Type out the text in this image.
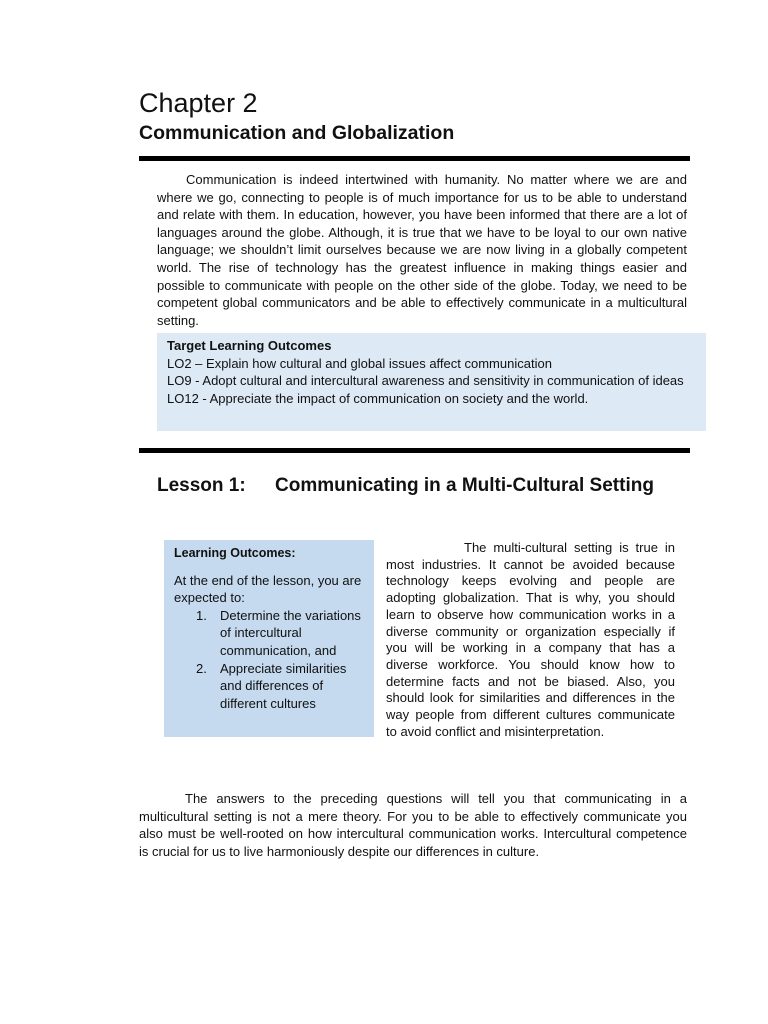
Chapter 2
Communication and Globalization

Communication is indeed intertwined with humanity. No matter where we are and where we go, connecting to people is of much importance for us to be able to understand and relate with them. In education, however, you have been informed that there are a lot of languages around the globe. Although, it is true that we have to be loyal to our own native language; we shouldn’t limit ourselves because we are now living in a globally competent world. The rise of technology has the greatest influence in making things easier and possible to communicate with people on the other side of the globe. Today, we need to be competent global communicators and be able to effectively communicate in a multicultural setting.

Target Learning Outcomes

LO2 – Explain how cultural and global issues affect communication

LO9 - Adopt cultural and intercultural awareness and sensitivity in communication of ideas

LO12 - Appreciate the impact of communication on society and the world.

Lesson 1: Communicating in a Multi-Cultural Setting

Learning Outcomes:

At the end of the lesson, you are expected to:

1. Determine the variations of intercultural communication, and
2. Appreciate similarities and differences of different cultures

The multi-cultural setting is true in most industries. It cannot be avoided because technology keeps evolving and people are adopting globalization. That is why, you should learn to observe how communication works in a diverse community or organization especially if you will be working in a company that has a diverse workforce. You should know how to determine facts and not be biased. Also, you should look for similarities and differences in the way people from different cultures communicate to avoid conflict and misinterpretation.

The answers to the preceding questions will tell you that communicating in a multicultural setting is not a mere theory. For you to be able to effectively communicate you also must be well-rooted on how intercultural communication works. Intercultural competence is crucial for us to live harmoniously despite our differences in culture.
